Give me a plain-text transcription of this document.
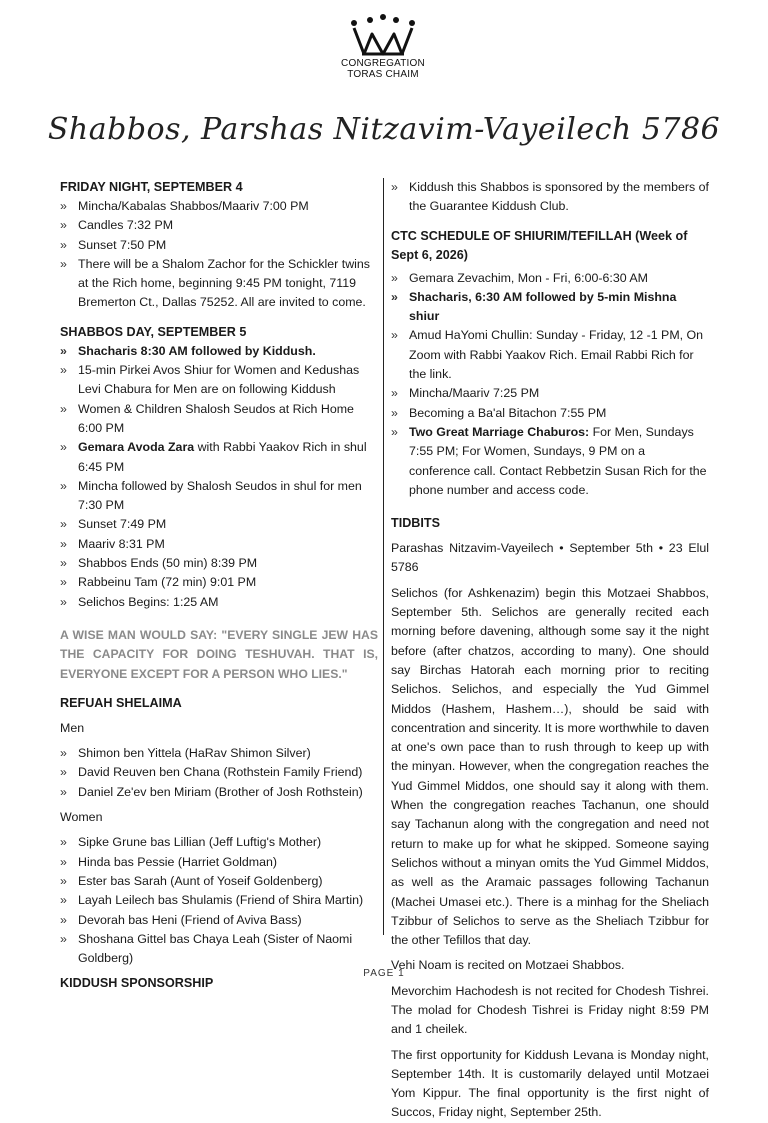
CONGREGATION
TORAS CHAIM
Shabbos, Parshas Nitzavim-Vayeilech 5786
FRIDAY NIGHT, SEPTEMBER 4
» Mincha/Kabalas Shabbos/Maariv 7:00 PM
» Candles 7:32 PM
» Sunset 7:50 PM
» There will be a Shalom Zachor for the Schickler twins at the Rich home, beginning 9:45 PM tonight, 7119 Bremerton Ct., Dallas 75252. All are invited to come.
SHABBOS DAY, SEPTEMBER 5
» Shacharis 8:30 AM followed by Kiddush.
» 15-min Pirkei Avos Shiur for Women and Kedushas Levi Chabura for Men are on following Kiddush
» Women & Children Shalosh Seudos at Rich Home 6:00 PM
» Gemara Avoda Zara with Rabbi Yaakov Rich in shul 6:45 PM
» Mincha followed by Shalosh Seudos in shul for men 7:30 PM
» Sunset 7:49 PM
» Maariv 8:31 PM
» Shabbos Ends (50 min) 8:39 PM
» Rabbeinu Tam (72 min) 9:01 PM
» Selichos Begins: 1:25 AM
A WISE MAN WOULD SAY: "EVERY SINGLE JEW HAS THE CAPACITY FOR DOING TESHUVAH. THAT IS, EVERYONE EXCEPT FOR A PERSON WHO LIES."
REFUAH SHELAIMA
Men
» Shimon ben Yittela (HaRav Shimon Silver)
» David Reuven ben Chana (Rothstein Family Friend)
» Daniel Ze'ev ben Miriam (Brother of Josh Rothstein)
Women
» Sipke Grune bas Lillian (Jeff Luftig's Mother)
» Hinda bas Pessie (Harriet Goldman)
» Ester bas Sarah (Aunt of Yoseif Goldenberg)
» Layah Leilech bas Shulamis (Friend of Shira Martin)
» Devorah bas Heni (Friend of Aviva Bass)
» Shoshana Gittel bas Chaya Leah (Sister of Naomi Goldberg)
KIDDUSH SPONSORSHIP
» Kiddush this Shabbos is sponsored by the members of the Guarantee Kiddush Club.
CTC SCHEDULE OF SHIURIM/TEFILLAH (Week of Sept 6, 2026)
» Gemara Zevachim, Mon - Fri, 6:00-6:30 AM
» Shacharis, 6:30 AM followed by 5-min Mishna shiur
» Amud HaYomi Chullin: Sunday - Friday, 12 -1 PM, On Zoom with Rabbi Yaakov Rich. Email Rabbi Rich for the link.
» Mincha/Maariv 7:25 PM
» Becoming a Ba'al Bitachon 7:55 PM
» Two Great Marriage Chaburos: For Men, Sundays 7:55 PM; For Women, Sundays, 9 PM on a conference call. Contact Rebbetzin Susan Rich for the phone number and access code.
TIDBITS

Parashas Nitzavim-Vayeilech • September 5th • 23 Elul 5786

Selichos (for Ashkenazim) begin this Motzaei Shabbos, September 5th. Selichos are generally recited each morning before davening, although some say it the night before (after chatzos, according to many). One should say Birchas Hatorah each morning prior to reciting Selichos. Selichos, and especially the Yud Gimmel Middos (Hashem, Hashem…), should be said with concentration and sincerity. It is more worthwhile to daven at one's own pace than to rush through to keep up with the minyan. However, when the congregation reaches the Yud Gimmel Middos, one should say it along with them. When the congregation reaches Tachanun, one should say Tachanun along with the congregation and need not return to make up for what he skipped. Someone saying Selichos without a minyan omits the Yud Gimmel Middos, as well as the Aramaic passages following Tachanun (Machei Umasei etc.). There is a minhag for the Sheliach Tzibbur of Selichos to serve as the Sheliach Tzibbur for the other Tefillos that day.

Vehi Noam is recited on Motzaei Shabbos.

Mevorchim Hachodesh is not recited for Chodesh Tishrei. The molad for Chodesh Tishrei is Friday night 8:59 PM and 1 cheilek.

The first opportunity for Kiddush Levana is Monday night, September 14th. It is customarily delayed until Motzaei Yom Kippur. The final opportunity is the first night of Succos, Friday night, September 25th.

PAGE 1
